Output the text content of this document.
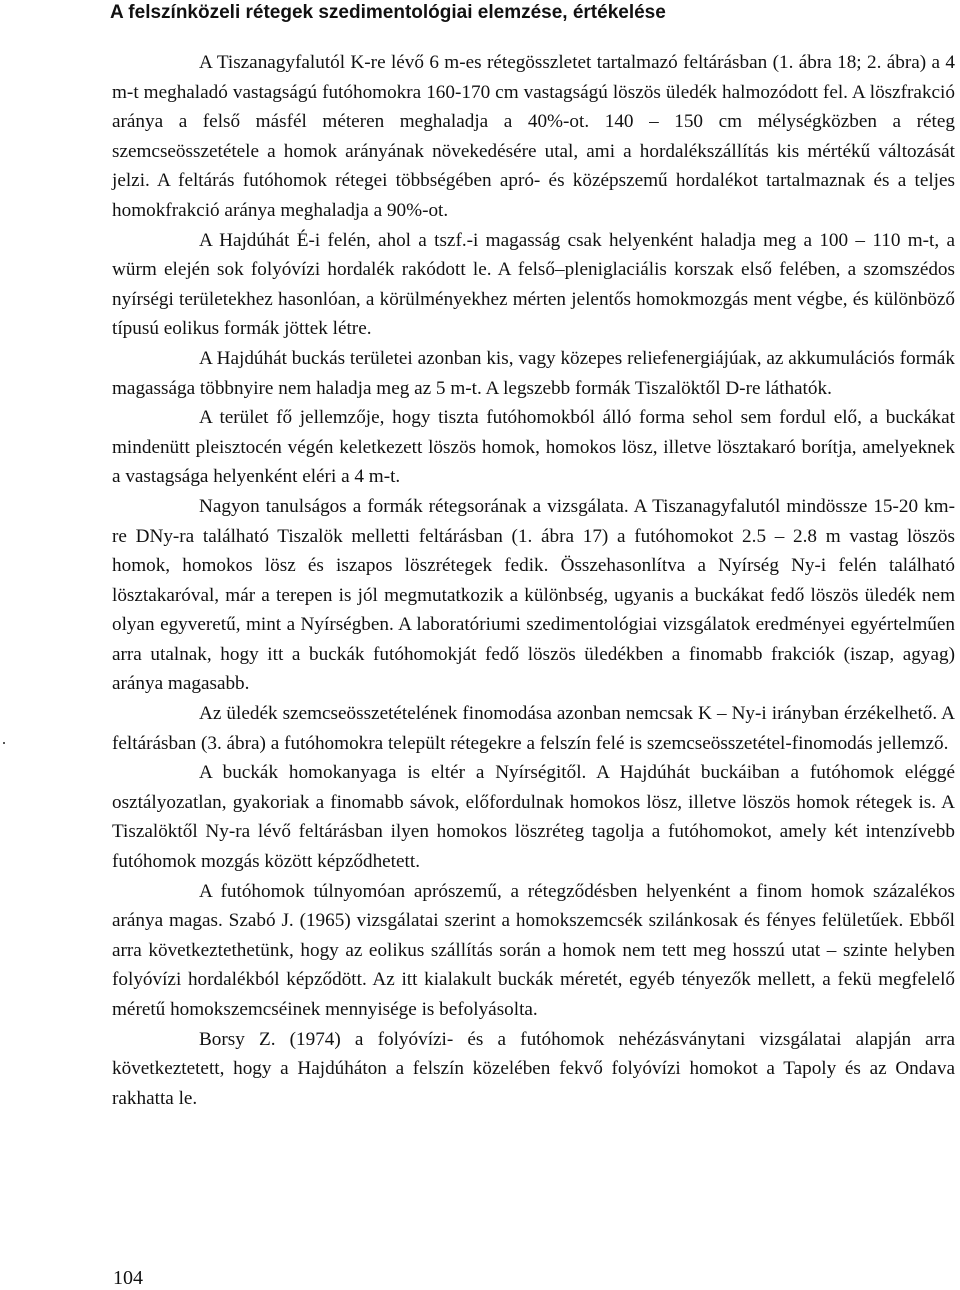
A felszínközeli rétegek szedimentológiai elemzése, értékelése

A Tiszanagyfalutól K-re lévő 6 m-es rétegösszletet tartalmazó feltárásban (1. ábra 18; 2. ábra) a 4 m-t meghaladó vastagságú futóhomokra 160-170 cm vastagságú löszös üledék halmozódott fel. A löszfrakció aránya a felső másfél méteren meghaladja a 40%-ot. 140 – 150 cm mélységközben a réteg szemcseösszetétele a homok arányának növekedésére utal, ami a hordalékszállítás kis mértékű változását jelzi. A feltárás futóhomok rétegei többségében apró- és középszemű hordalékot tartalmaznak és a teljes homokfrakció aránya meghaladja a 90%-ot.

A Hajdúhát É-i felén, ahol a tszf.-i magasság csak helyenként haladja meg a 100 – 110 m-t, a würm elején sok folyóvízi hordalék rakódott le. A felső–pleniglaciális korszak első felében, a szomszédos nyírségi területekhez hasonlóan, a körülményekhez mérten jelentős homokmozgás ment végbe, és különböző típusú eolikus formák jöttek létre.

A Hajdúhát buckás területei azonban kis, vagy közepes reliefenergiájúak, az akkumulációs formák magassága többnyire nem haladja meg az 5 m-t. A legszebb formák Tiszalöktől D-re láthatók.

A terület fő jellemzője, hogy tiszta futóhomokból álló forma sehol sem fordul elő, a buckákat mindenütt pleisztocén végén keletkezett löszös homok, homokos lösz, illetve lösztakaró borítja, amelyeknek a vastagsága helyenként eléri a 4 m-t.

Nagyon tanulságos a formák rétegsorának a vizsgálata. A Tiszanagyfalutól mindössze 15-20 km-re DNy-ra található Tiszalök melletti feltárásban (1. ábra 17) a futóhomokot 2.5 – 2.8 m vastag löszös homok, homokos lösz és iszapos löszrétegek fedik. Összehasonlítva a Nyírség Ny-i felén található lösztakaróval, már a terepen is jól megmutatkozik a különbség, ugyanis a buckákat fedő löszös üledék nem olyan egyveretű, mint a Nyírségben. A laboratóriumi szedimentológiai vizsgálatok eredményei egyértelműen arra utalnak, hogy itt a buckák futóhomokját fedő löszös üledékben a finomabb frakciók (iszap, agyag) aránya magasabb.

Az üledék szemcseösszetételének finomodása azonban nemcsak K – Ny-i irányban érzékelhető. A feltárásban (3. ábra) a futóhomokra települt rétegekre a felszín felé is szemcseösszetétel-finomodás jellemző.

A buckák homokanyaga is eltér a Nyírségitől. A Hajdúhát buckáiban a futóhomok eléggé osztályozatlan, gyakoriak a finomabb sávok, előfordulnak homokos lösz, illetve löszös homok rétegek is. A Tiszalöktől Ny-ra lévő feltárásban ilyen homokos löszréteg tagolja a futóhomokot, amely két intenzívebb futóhomok mozgás között képződhetett.

A futóhomok túlnyomóan aprószemű, a rétegződésben helyenként a finom homok százalékos aránya magas. Szabó J. (1965) vizsgálatai szerint a homokszemcsék szilánkosak és fényes felületűek. Ebből arra következtethetünk, hogy az eolikus szállítás során a homok nem tett meg hosszú utat – szinte helyben folyóvízi hordalékból képződött. Az itt kialakult buckák méretét, egyéb tényezők mellett, a fekü megfelelő méretű homokszemcséinek mennyisége is befolyásolta.

Borsy Z. (1974) a folyóvízi- és a futóhomok nehézásványtani vizsgálatai alapján arra következtetett, hogy a Hajdúháton a felszín közelében fekvő folyóvízi homokot a Tapoly és az Ondava rakhatta le.

104
